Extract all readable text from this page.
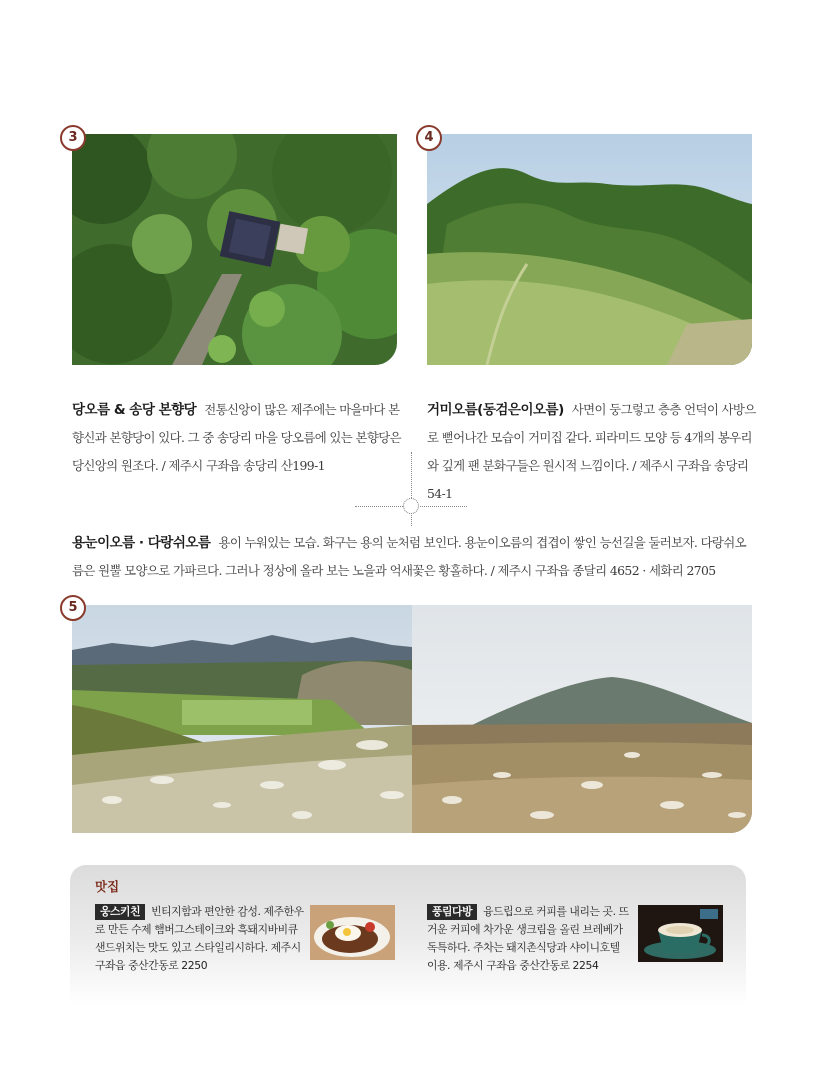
3	4
당오름 & 송당 본향당 전통신앙이 많은 제주에는 마을마다 본향신과 본향당이 있다. 그 중 송당리 마을 당오름에 있는 본향당은 당신앙의 원조다. / 제주시 구좌읍 송당리 산199-1
거미오름(동검은이오름) 사면이 둥그렇고 층층 언덕이 사방으로 뻗어나간 모습이 거미집 같다. 피라미드 모양 등 4개의 봉우리와 깊게 팬 분화구들은 원시적 느낌이다. / 제주시 구좌읍 송당리 54-1
용눈이오름 · 다랑쉬오름 용이 누워있는 모습. 화구는 용의 눈처럼 보인다. 용눈이오름의 겹겹이 쌓인 능선길을 둘러보자. 다랑쉬오름은 원뿔 모양으로 가파르다. 그러나 정상에 올라 보는 노을과 억새꽃은 황홀하다. / 제주시 구좌읍 종달리 4652 · 세화리 2705
5
맛집
웅스키친 빈티지함과 편안한 감성. 제주한우로 만든 수제 햄버그스테이크와 흑돼지바비큐샌드위치는 맛도 있고 스타일리시하다. 제주시 구좌읍 중산간동로 2250
풍림다방 융드립으로 커피를 내리는 곳. 뜨거운 커피에 차가운 생크림을 올린 브레베가 독특하다. 주차는 돼지촌식당과 샤이니호텔 이용. 제주시 구좌읍 중산간동로 2254
